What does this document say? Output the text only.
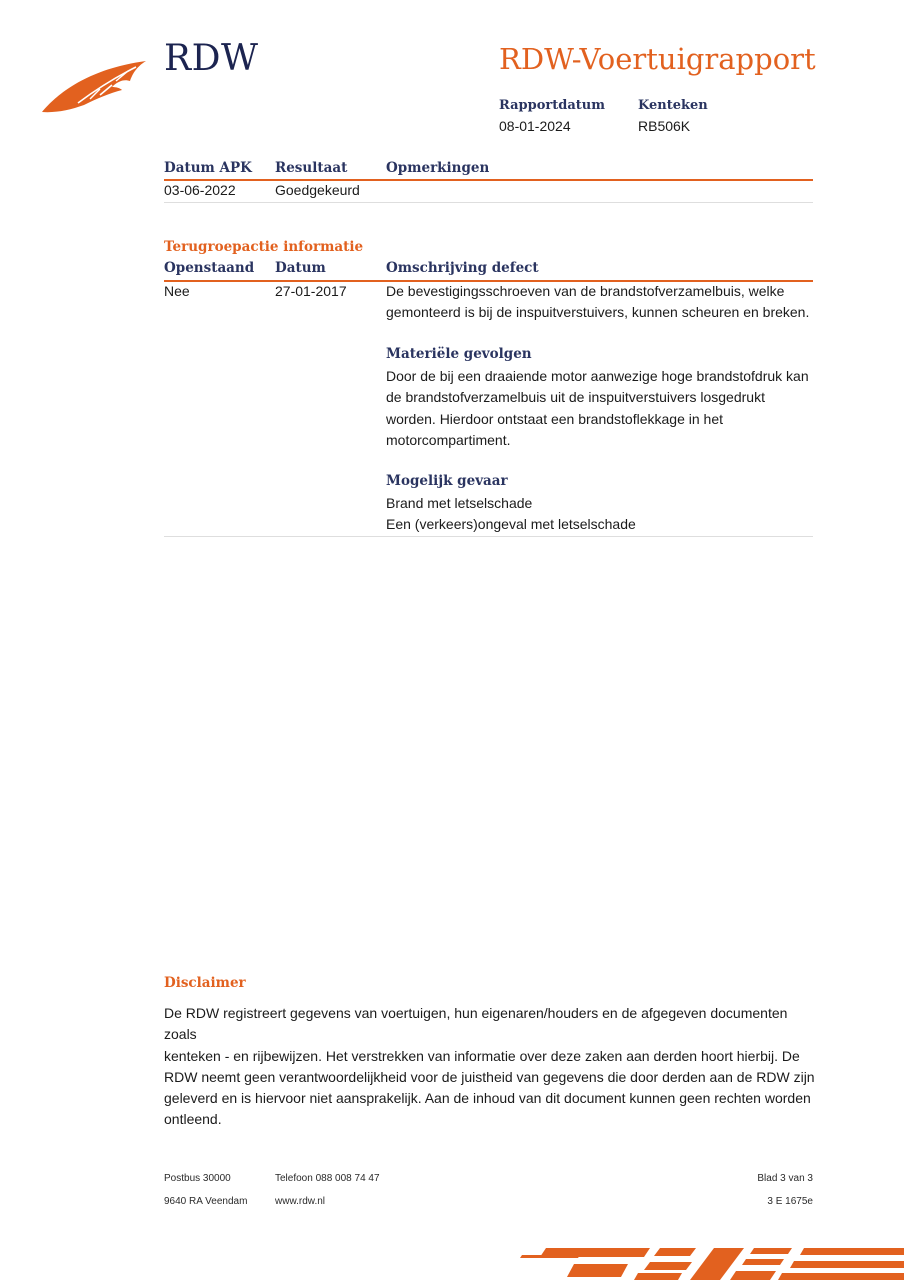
RDW	RDW-Voertuigrapport
Rapportdatum
08-01-2024
Kenteken
RB506K
Datum APK Resultaat	Opmerkingen
03-06-2022	Goedgekeurd
Terugroepactie informatie
Openstaand Datum	Omschrijving defect
Nee	27-01-2017	De bevestigingsschroeven van de brandstofverzamelbuis, welke
gemonteerd is bij de inspuitverstuivers, kunnen scheuren en breken.
Materiële gevolgen
Door de bij een draaiende motor aanwezige hoge brandstofdruk kan
de brandstofverzamelbuis uit de inspuitverstuivers losgedrukt
worden. Hierdoor ontstaat een brandstoflekkage in het
motorcompartiment.
Mogelijk gevaar
Brand met letselschade
Een (verkeers)ongeval met letselschade
Disclaimer
De RDW registreert gegevens van voertuigen, hun eigenaren/houders en de afgegeven documenten zoals
kenteken - en rijbewijzen. Het verstrekken van informatie over deze zaken aan derden hoort hierbij. De
RDW neemt geen verantwoordelijkheid voor de juistheid van gegevens die door derden aan de RDW zijn
geleverd en is hiervoor niet aansprakelijk. Aan de inhoud van dit document kunnen geen rechten worden
ontleend.
Postbus 30000
9640 RA Veendam
Telefoon 088 008 74 47
www.rdw.nl
Blad 3 van 3
3 E 1675e
